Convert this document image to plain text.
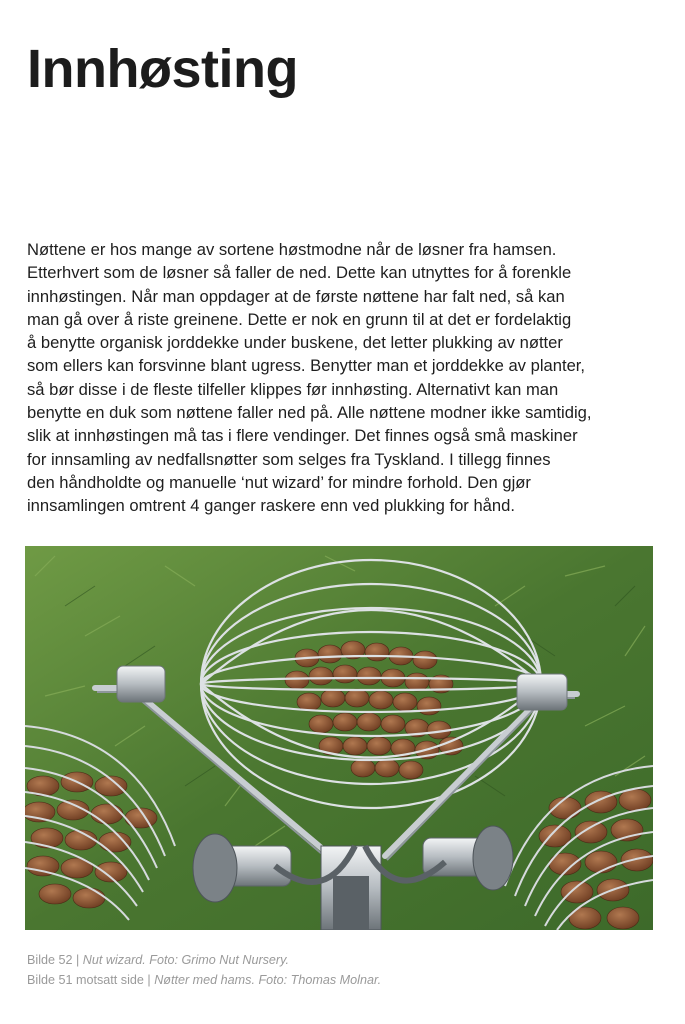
Innhøsting
Nøttene er hos mange av sortene høstmodne når de løsner fra hamsen.
Etterhvert som de løsner så faller de ned. Dette kan utnyttes for å forenkle
innhøstingen. Når man oppdager at de første nøttene har falt ned, så kan
man gå over å riste greinene. Dette er nok en grunn til at det er fordelaktig
å benytte organisk jorddekke under buskene, det letter plukking av nøtter
som ellers kan forsvinne blant ugress. Benytter man et jorddekke av planter,
så bør disse i de fleste tilfeller klippes før innhøsting. Alternativt kan man
benytte en duk som nøttene faller ned på. Alle nøttene modner ikke samtidig,
slik at innhøstingen må tas i flere vendinger. Det finnes også små maskiner
for innsamling av nedfallsnøtter som selges fra Tyskland. I tillegg finnes
den håndholdte og manuelle ‘nut wizard’ for mindre forhold. Den gjør
innsamlingen omtrent 4 ganger raskere enn ved plukking for hånd.
Bilde 52 | Nut wizard. Foto: Grimo Nut Nursery.
Bilde 51 motsatt side | Nøtter med hams. Foto: Thomas Molnar.
